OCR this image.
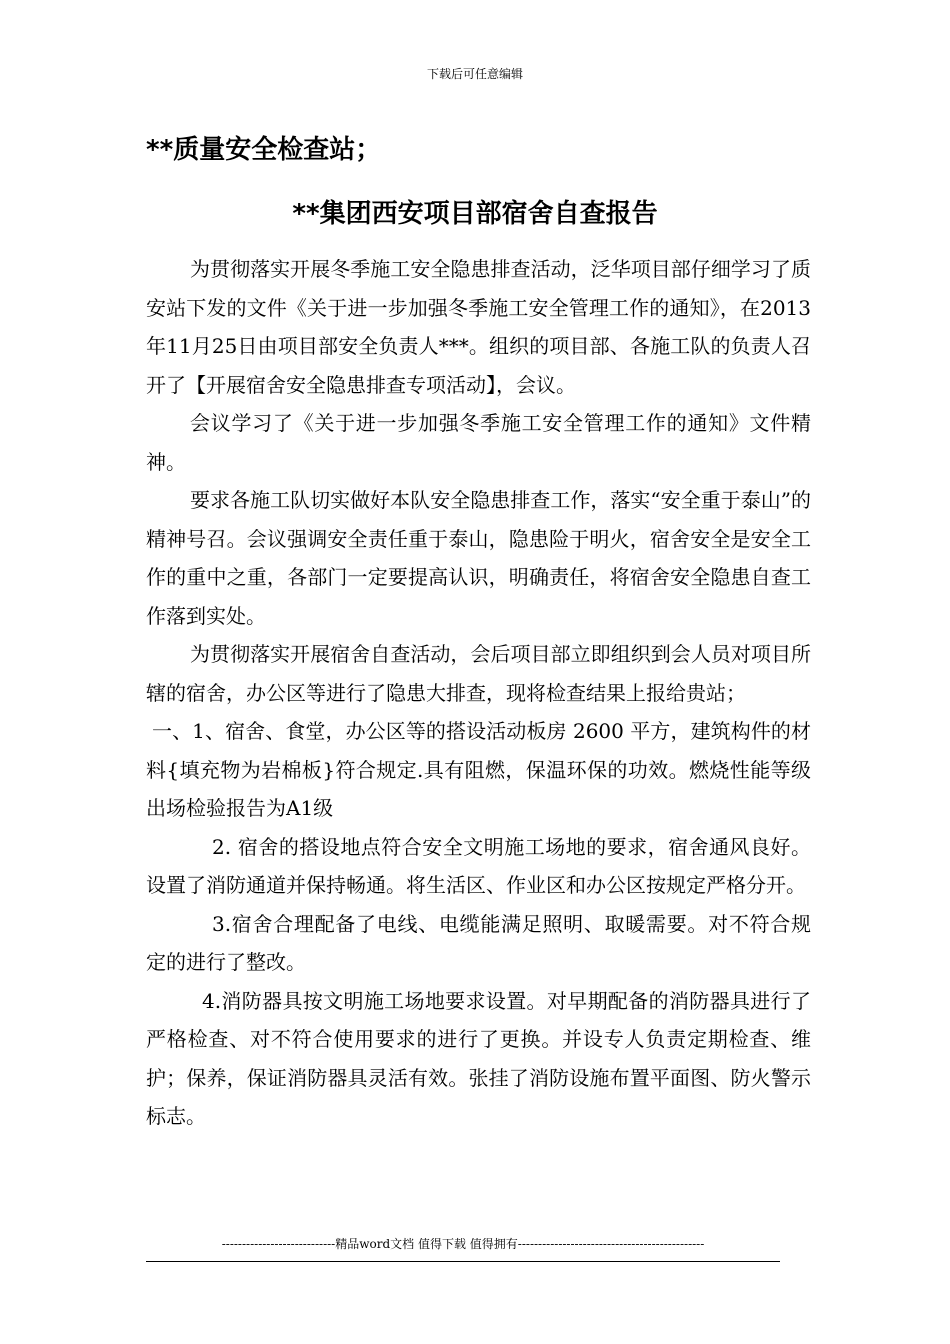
下载后可任意编辑
**质量安全检查站；
**集团西安项目部宿舍自查报告

为贯彻落实开展冬季施工安全隐患排查活动，泛华项目部仔细学习了质安站下发的文件《关于进一步加强冬季施工安全管理工作的通知》，在2013年11月25日由项目部安全负责人***。组织的项目部、各施工队的负责人召开了【开展宿舍安全隐患排查专项活动】，会议。

会议学习了《关于进一步加强冬季施工安全管理工作的通知》文件精神。

要求各施工队切实做好本队安全隐患排查工作，落实“安全重于泰山”的精神号召。会议强调安全责任重于泰山，隐患险于明火，宿舍安全是安全工作的重中之重，各部门一定要提高认识，明确责任，将宿舍安全隐患自查工作落到实处。

为贯彻落实开展宿舍自查活动，会后项目部立即组织到会人员对项目所辖的宿舍，办公区等进行了隐患大排查，现将检查结果上报给贵站；

一、1、宿舍、食堂，办公区等的搭设活动板房 2600 平方，建筑构件的材料{填充物为岩棉板}符合规定.具有阻燃，保温环保的功效。燃烧性能等级出场检验报告为A1级

2. 宿舍的搭设地点符合安全文明施工场地的要求，宿舍通风良好。设置了消防通道并保持畅通。将生活区、作业区和办公区按规定严格分开。

3.宿舍合理配备了电线、电缆能满足照明、取暖需要。对不符合规定的进行了整改。

4.消防器具按文明施工场地要求设置。对早期配备的消防器具进行了严格检查、对不符合使用要求的进行了更换。并设专人负责定期检查、维护；保养，保证消防器具灵活有效。张挂了消防设施布置平面图、防火警示标志。

----------------------------精品word文档 值得下载 值得拥有----------------------------------------------
